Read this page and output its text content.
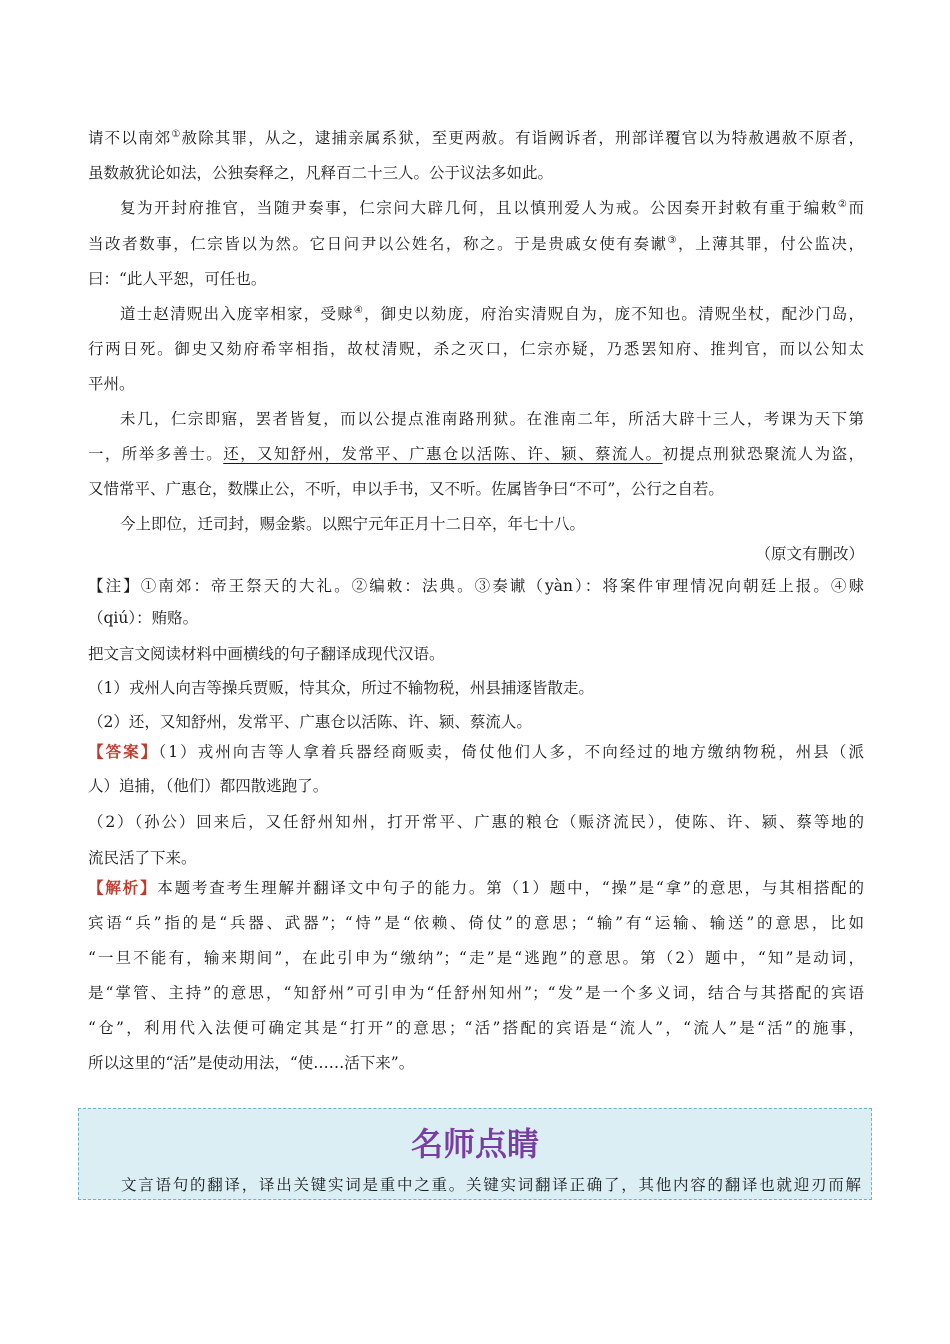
请不以南郊①赦除其罪，从之，逮捕亲属系狱，至更两赦。有诣阙诉者，刑部详覆官以为特赦遇赦不原者，
虽数赦犹论如法，公独奏释之，凡释百二十三人。公于议法多如此。
复为开封府推官，当随尹奏事，仁宗问大辟几何，且以慎刑爱人为戒。公因奏开封敕有重于编敕②而
当改者数事，仁宗皆以为然。它日问尹以公姓名，称之。于是贵戚女使有奏谳③，上薄其罪，付公监决，
曰：“此人平恕，可任也。
道士赵清贶出入庞宰相家，受赇④，御史以劾庞，府治实清贶自为，庞不知也。清贶坐杖，配沙门岛，
行两日死。御史又劾府希宰相指，故杖清贶，杀之灭口，仁宗亦疑，乃悉罢知府、推判官，而以公知太
平州。
未几，仁宗即寤，罢者皆复，而以公提点淮南路刑狱。在淮南二年，所活大辟十三人，考课为天下第
一，所举多善士。还，又知舒州，发常平、广惠仓以活陈、许、颍、蔡流人。初提点刑狱恐聚流人为盗，
又惜常平、广惠仓，数牒止公，不听，申以手书，又不听。佐属皆争曰“不可”，公行之自若。
今上即位，迁司封，赐金紫。以熙宁元年正月十二日卒，年七十八。
（原文有删改）
【注】①南郊：帝王祭天的大礼。②编敕：法典。③奏谳（yàn）：将案件审理情况向朝廷上报。④赇
（qiú）：贿赂。
把文言文阅读材料中画横线的句子翻译成现代汉语。
（1）戎州人向吉等操兵贾贩，恃其众，所过不输物税，州县捕逐皆散走。
（2）还，又知舒州，发常平、广惠仓以活陈、许、颍、蔡流人。
【答案】（1）戎州向吉等人拿着兵器经商贩卖，倚仗他们人多，不向经过的地方缴纳物税，州县（派
人）追捕，（他们）都四散逃跑了。
（2）（孙公）回来后，又任舒州知州，打开常平、广惠的粮仓（赈济流民），使陈、许、颍、蔡等地的
流民活了下来。
【解析】本题考查考生理解并翻译文中句子的能力。第（1）题中，“操”是“拿”的意思，与其相搭配的
宾语“兵”指的是“兵器、武器”；“恃”是“依赖、倚仗”的意思；“输”有“运输、输送”的意思，比如
“一旦不能有，输来期间”，在此引申为“缴纳”；“走”是“逃跑”的意思。第（2）题中，“知”是动词，
是“掌管、主持”的意思，“知舒州”可引申为“任舒州知州”；“发”是一个多义词，结合与其搭配的宾语
“仓”，利用代入法便可确定其是“打开”的意思；“活”搭配的宾语是“流人”，“流人”是“活”的施事，
所以这里的“活”是使动用法，“使……活下来”。
名师点睛
文言语句的翻译，译出关键实词是重中之重。关键实词翻译正确了，其他内容的翻译也就迎刃而解
